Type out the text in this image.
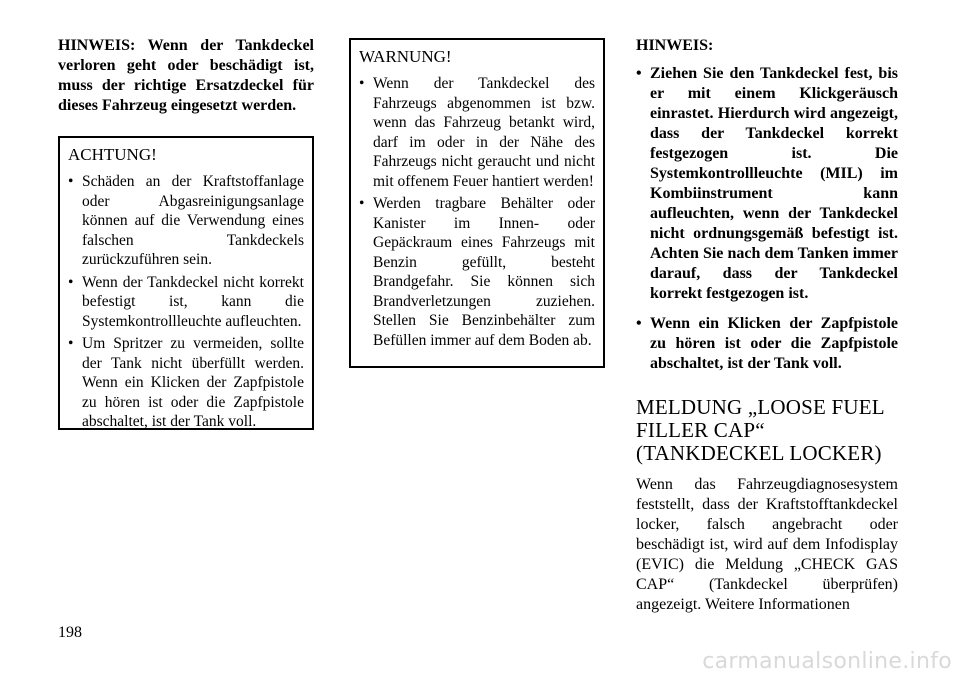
HINWEIS: Wenn der Tankdeckel verloren geht oder beschädigt ist, muss der richtige Ersatzdeckel für dieses Fahrzeug eingesetzt werden.

ACHTUNG!
• Schäden an der Kraftstoffanlage oder Abgasreinigungsanlage können auf die Verwendung eines falschen Tankdeckels zurückzuführen sein.
• Wenn der Tankdeckel nicht korrekt befestigt ist, kann die Systemkontrollleuchte aufleuchten.
• Um Spritzer zu vermeiden, sollte der Tank nicht überfüllt werden. Wenn ein Klicken der Zapfpistole zu hören ist oder die Zapfpistole abschaltet, ist der Tank voll.
WARNUNG!
• Wenn der Tankdeckel des Fahrzeugs abgenommen ist bzw. wenn das Fahrzeug betankt wird, darf im oder in der Nähe des Fahrzeugs nicht geraucht und nicht mit offenem Feuer hantiert werden!
• Werden tragbare Behälter oder Kanister im Innen- oder Gepäckraum eines Fahrzeugs mit Benzin gefüllt, besteht Brandgefahr. Sie können sich Brandverletzungen zuziehen. Stellen Sie Benzinbehälter zum Befüllen immer auf dem Boden ab.
HINWEIS:
• Ziehen Sie den Tankdeckel fest, bis er mit einem Klickgeräusch einrastet. Hierdurch wird angezeigt, dass der Tankdeckel korrekt festgezogen ist. Die Systemkontrollleuchte (MIL) im Kombiinstrument kann aufleuchten, wenn der Tankdeckel nicht ordnungsgemäß befestigt ist. Achten Sie nach dem Tanken immer darauf, dass der Tankdeckel korrekt festgezogen ist.
• Wenn ein Klicken der Zapfpistole zu hören ist oder die Zapfpistole abschaltet, ist der Tank voll.
MELDUNG „LOOSE FUEL
FILLER CAP“
(TANKDECKEL LOCKER)

Wenn das Fahrzeugdiagnosesystem feststellt, dass der Kraftstofftankdeckel locker, falsch angebracht oder beschädigt ist, wird auf dem Infodisplay (EVIC) die Meldung „CHECK GAS CAP“ (Tankdeckel überprüfen) angezeigt. Weitere Informationen

198
carmanualsonline.info
